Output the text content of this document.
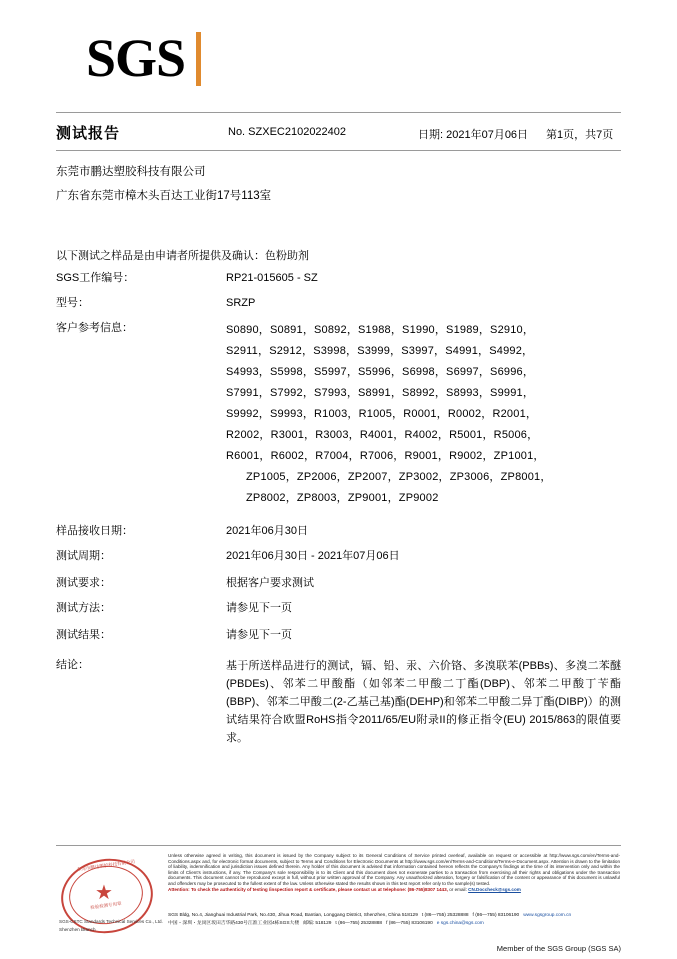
SGS
测试报告	No. SZXEC2102022402	日期: 2021年07月06日 第1页，共7页
东莞市鹏达塑胶科技有限公司
广东省东莞市樟木头百达工业街17号113室
以下测试之样品是由申请者所提供及确认：色粉助剂
SGS工作编号：	RP21-015605 - SZ
型号：	SRZP
客户参考信息：	S0890，S0891，S0892，S1988，S1990，S1989，S2910，
S2911，S2912，S3998，S3999，S3997，S4991，S4992，
S4993，S5998，S5997，S5996，S6998，S6997，S6996，
S7991，S7992，S7993，S8991，S8992，S8993，S9991，
S9992，S9993，R1003，R1005，R0001，R0002，R2001，
R2002，R3001，R3003，R4001，R4002，R5001，R5006，
R6001，R6002，R7004，R7006，R9001，R9002，ZP1001，
ZP1005，ZP2006，ZP2007，ZP3002，ZP3006，ZP8001，
ZP8002，ZP8003，ZP9001，ZP9002
样品接收日期：	2021年06月30日
测试周期：	2021年06月30日 - 2021年07月06日
测试要求：	根据客户要求测试
测试方法：	请参见下一页
测试结果：	请参见下一页
结论：	基于所送样品进行的测试，镉、铅、汞、六价铬、多溴联苯(PBBs)、多溴二苯醚(PBDEs)、邻苯二甲酸酯（如邻苯二甲酸二丁酯(DBP)、邻苯二甲酸丁苄酯(BBP)、邻苯二甲酸二(2-乙基己基)酯(DEHP)和邻苯二甲酸二异丁酯(DIBP)）的测试结果符合欧盟RoHS指令2011/65/EU附录II的修正指令(EU) 2015/863的限值要求。
★
东莞市鹏达塑胶科技有限公司
检验检测专用章
SGS-CSTC Standards Technical Services Co., Ltd.
Shenzhen Branch
Unless otherwise agreed in writing, this document is issued by the Company subject to its General Conditions of Service printed overleaf, available on request or accessible at http://www.sgs.com/en/Terms-and-Conditions.aspx and, for electronic format documents, subject to Terms and Conditions for Electronic Documents at http://www.sgs.com/en/Terms-and-Conditions/Terms-e-Document.aspx. Attention is drawn to the limitation of liability, indemnification and jurisdiction issues defined therein. Any holder of this document is advised that information contained hereon reflects the Company's findings at the time of its intervention only and within the limits of Client's instructions, if any. The Company's sole responsibility is to its Client and this document does not exonerate parties to a transaction from exercising all their rights and obligations under the transaction documents. This document cannot be reproduced except in full, without prior written approval of the Company. Any unauthorized alteration, forgery or falsification of the content or appearance of this document is unlawful and offenders may be prosecuted to the fullest extent of the law. Unless otherwise stated the results shown in this test report refer only to the sample(s) tested.
Attention: To check the authenticity of testing /inspection report & certificate, please contact us at telephone: (86-755)8307 1443, or email: CN.Doccheck@sgs.com
SGS Bldg, No.4, Jianghuai Industrial Park, No.430, Jihua Road, Bantian, Longgang District, Shenzhen, China 518129 t (86—755) 25328888 f (86—755) 83106190 www.sgsgroup.com.cn
中国・深圳・龙岗区坂田吉华路430号江淮工业园4栋SGS大楼 邮编: 518129 t (86—755) 25328888 f (86—755) 83106190 e sgs.china@sgs.com
Member of the SGS Group (SGS SA)
